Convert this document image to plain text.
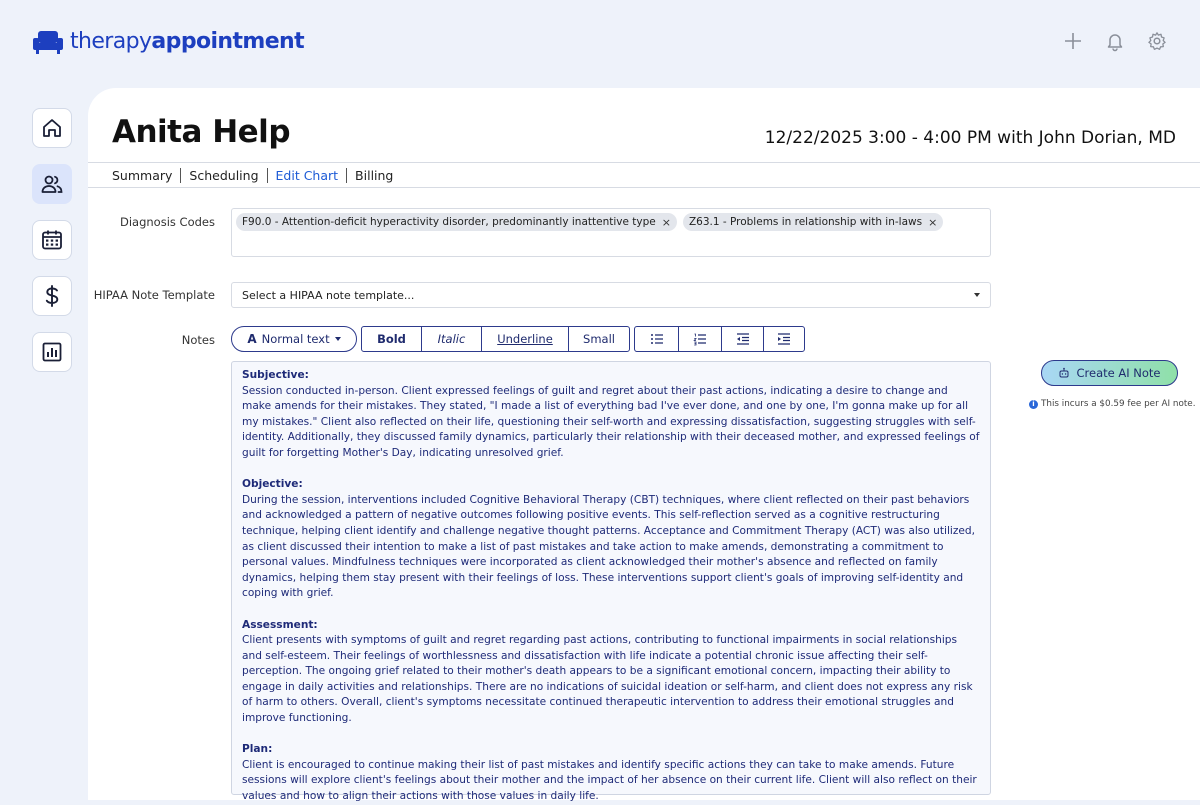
therapyappointment
Anita Help	12/22/2025 3:00 - 4:00 PM with John Dorian, MD
Summary	Scheduling	Edit Chart	Billing
Diagnosis Codes	F90.0 - Attention-deficit hyperactivity disorder, predominantly inattentive type × Z63.1 - Problems in relationship with in-laws ×
HIPAA Note Template Select a HIPAA note template...
Notes	A Normal text	Bold	Italic	Underline	Small
Subjective:
Session conducted in-person. Client expressed feelings of guilt and regret about their past actions, indicating a desire to change and make amends for their mistakes. They stated, "I made a list of everything bad I've ever done, and one by one, I'm gonna make up for all my mistakes." Client also reflected on their life, questioning their self-worth and expressing dissatisfaction, suggesting struggles with self-identity. Additionally, they discussed family dynamics, particularly their relationship with their deceased mother, and expressed feelings of guilt for forgetting Mother's Day, indicating unresolved grief.
Objective:
During the session, interventions included Cognitive Behavioral Therapy (CBT) techniques, where client reflected on their past behaviors and acknowledged a pattern of negative outcomes following positive events. This self-reflection served as a cognitive restructuring technique, helping client identify and challenge negative thought patterns. Acceptance and Commitment Therapy (ACT) was also utilized, as client discussed their intention to make a list of past mistakes and take action to make amends, demonstrating a commitment to personal values. Mindfulness techniques were incorporated as client acknowledged their mother's absence and reflected on family dynamics, helping them stay present with their feelings of loss. These interventions support client's goals of improving self-identity and coping with grief.
Assessment:
Client presents with symptoms of guilt and regret regarding past actions, contributing to functional impairments in social relationships and self-esteem. Their feelings of worthlessness and dissatisfaction with life indicate a potential chronic issue affecting their self-perception. The ongoing grief related to their mother's death appears to be a significant emotional concern, impacting their ability to engage in daily activities and relationships. There are no indications of suicidal ideation or self-harm, and client does not express any risk of harm to others. Overall, client's symptoms necessitate continued therapeutic intervention to address their emotional struggles and improve functioning.
Plan:
Client is encouraged to continue making their list of past mistakes and identify specific actions they can take to make amends. Future sessions will explore client's feelings about their mother and the impact of her absence on their current life. Client will also reflect on their values and how to align their actions with those values in daily life.
Create AI Note
i This incurs a $0.59 fee per AI note.
